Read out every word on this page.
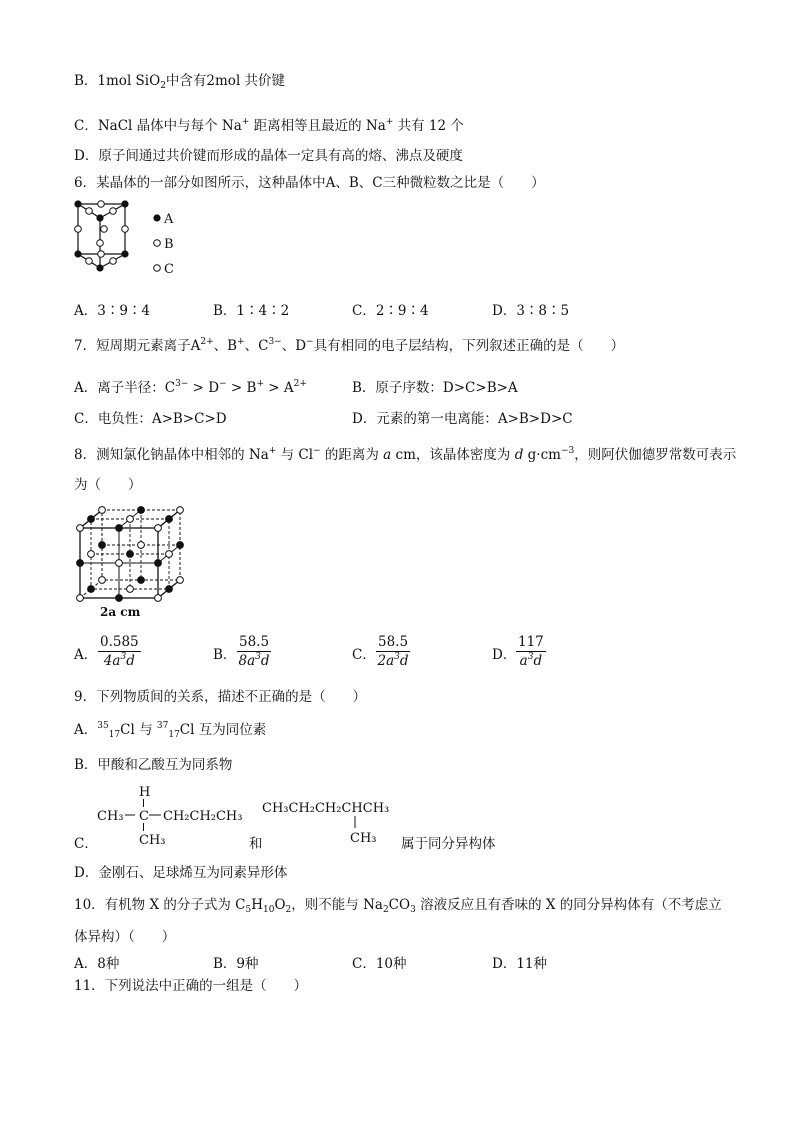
B．1mol SiO$_2$中含有2mol 共价键
C．NaCl 晶体中与每个 Na+ 距离相等且最近的 Na+ 共有 12 个
D．原子间通过共价键而形成的晶体一定具有高的熔、沸点及硬度
6．某晶体的一部分如图所示，这种晶体中A、B、C三种微粒数之比是（　　）
A
B
C
A．3∶9∶4	B．1∶4∶2	C．2∶9∶4	D．3∶8∶5
7．短周期元素离子$A^{2+}$、B+、$C^{3-}$、D−具有相同的电子层结构，下列叙述正确的是（　　）
A．离子半径：$C^{3-} > D^- > B^+ > A^{2+}$	B．原子序数：D>C>B>A
C．电负性：A>B>C>D	D．元素的第一电离能：A>B>D>C
8．测知氯化钠晶体中相邻的 Na+ 与 Cl− 的距离为 a cm，该晶体密度为 d $g\cdot cm^{-3}$，则阿伏伽德罗常数可表示
为（　　）
2a cm
A． $\frac{0.585}{4a^3d}$	B． $\frac{58.5}{8a^3d}$	C． $\frac{58.5}{2a^3d}$	D． $\frac{117}{a^3d}$
9．下列物质间的关系，描述不正确的是（　　）
A．$^{35}_{17}$Cl 与 $^{37}_{17}$Cl 互为同位素
B．甲酸和乙酸互为同系物
C．
H
CH₃ C CH₂CH₂CH₃
CH₃	和
CH₃CH₂CH₂CHCH₃
CH₃ 属于同分异构体
D．金刚石、足球烯互为同素异形体
10．有机物 X 的分子式为 $C_5H_{10}O_2$，则不能与 $Na_2CO_3$ 溶液反应且有香味的 X 的同分异构体有（不考虑立
体异构）（　　）
A．8种	B．9种	C．10种	D．11种
11．下列说法中正确的一组是（　　）
